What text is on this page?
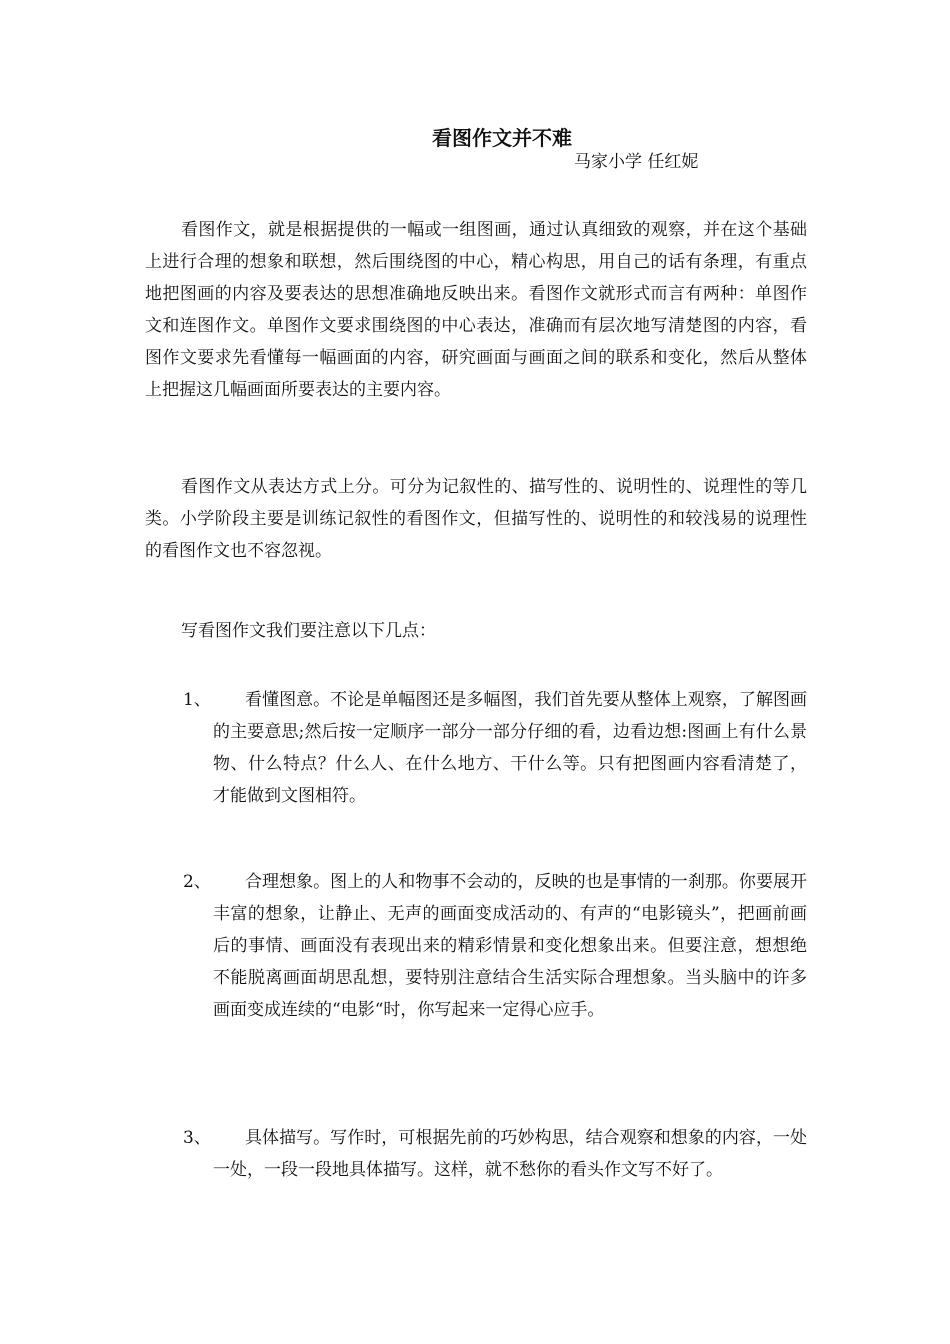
看图作文并不难

马家小学 任红妮

看图作文，就是根据提供的一幅或一组图画，通过认真细致的观察，并在这个基础上进行合理的想象和联想，然后围绕图的中心，精心构思，用自己的话有条理，有重点地把图画的内容及要表达的思想准确地反映出来。看图作文就形式而言有两种：单图作文和连图作文。单图作文要求围绕图的中心表达，准确而有层次地写清楚图的内容，看图作文要求先看懂每一幅画面的内容，研究画面与画面之间的联系和变化，然后从整体上把握这几幅画面所要表达的主要内容。

看图作文从表达方式上分。可分为记叙性的、描写性的、说明性的、说理性的等几类。小学阶段主要是训练记叙性的看图作文，但描写性的、说明性的和较浅易的说理性的看图作文也不容忽视。

写看图作文我们要注意以下几点：

1、 看懂图意。不论是单幅图还是多幅图，我们首先要从整体上观察，了解图画的主要意思;然后按一定顺序一部分一部分仔细的看，边看边想:图画上有什么景物、什么特点？什么人、在什么地方、干什么等。只有把图画内容看清楚了，才能做到文图相符。
2、 合理想象。图上的人和物事不会动的，反映的也是事情的一刹那。你要展开丰富的想象，让静止、无声的画面变成活动的、有声的“电影镜头”，把画前画后的事情、画面没有表现出来的精彩情景和变化想象出来。但要注意，想想绝不能脱离画面胡思乱想，要特别注意结合生活实际合理想象。当头脑中的许多画面变成连续的“电影“时，你写起来一定得心应手。
3、 具体描写。写作时，可根据先前的巧妙构思，结合观察和想象的内容，一处一处，一段一段地具体描写。这样，就不愁你的看头作文写不好了。
